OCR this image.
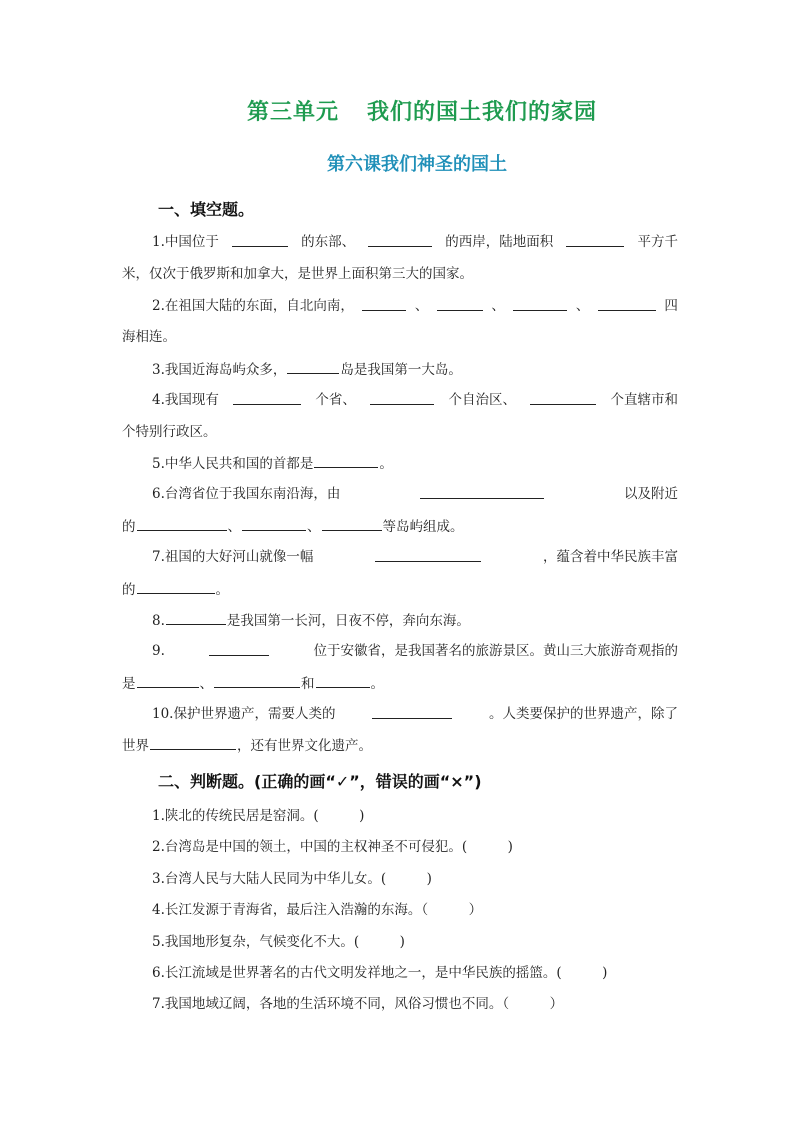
第三单元 我们的国土我们的家园
第六课我们神圣的国土
一、填空题。
1.中国位于	的东部、	的西岸，陆地面积	平方千
米，仅次于俄罗斯和加拿大，是世界上面积第三大的国家。
2.在祖国大陆的东面，自北向南，	、	、	、	四
海相连。
3.我国近海岛屿众多，	岛是我国第一大岛。
4.我国现有	个省、	个自治区、	个直辖市和
个特别行政区。
5.中华人民共和国的首都是	。
6.台湾省位于我国东南沿海，由	以及附近
的	、	、	等岛屿组成。
7.祖国的大好河山就像一幅	，蕴含着中华民族丰富
的	。
8.	是我国第一长河，日夜不停，奔向东海。
9.	位于安徽省，是我国著名的旅游景区。黄山三大旅游奇观指的
是	、	和	。
10.保护世界遗产，需要人类的	。人类要保护的世界遗产，除了
世界	，还有世界文化遗产。
二、判断题。(正确的画“✓”，错误的画“×”)
1.陕北的传统民居是窑洞。(　　　)
2.台湾岛是中国的领土，中国的主权神圣不可侵犯。(　　　)
3.台湾人民与大陆人民同为中华儿女。(　　　)
4.长江发源于青海省，最后注入浩瀚的东海。（　　　）
5.我国地形复杂，气候变化不大。(　　　)
6.长江流域是世界著名的古代文明发祥地之一，是中华民族的摇篮。(　　　)
7.我国地域辽阔，各地的生活环境不同，风俗习惯也不同。（　　　）
